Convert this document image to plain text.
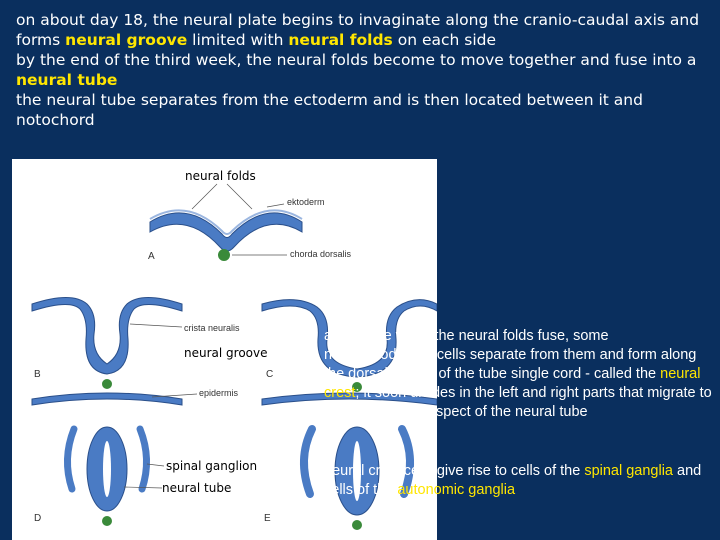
on about day 18, the neural plate begins to invaginate along the cranio-caudal axis and forms neural groove limited with neural folds on each side

by the end of the third week, the neural folds become to move together and fuse into a neural tube

the neural tube separates from the ectoderm and is then located between it and notochord

neural folds
ektoderm
chorda dorsalis
A
crista neuralis
neural groove
B	C
epidermis
spinal ganglion
neural tube
D	E

at the time when the neural folds fuse, some neuroectodermal cells separate from them and form along the dorsal aspect of the tube single cord - called the neural crest; it soon divides in the left and right parts that migrate to the dorsolateral aspect of the neural tube

neural crest cells give rise to cells of the spinal ganglia and cells of the autonomic ganglia
